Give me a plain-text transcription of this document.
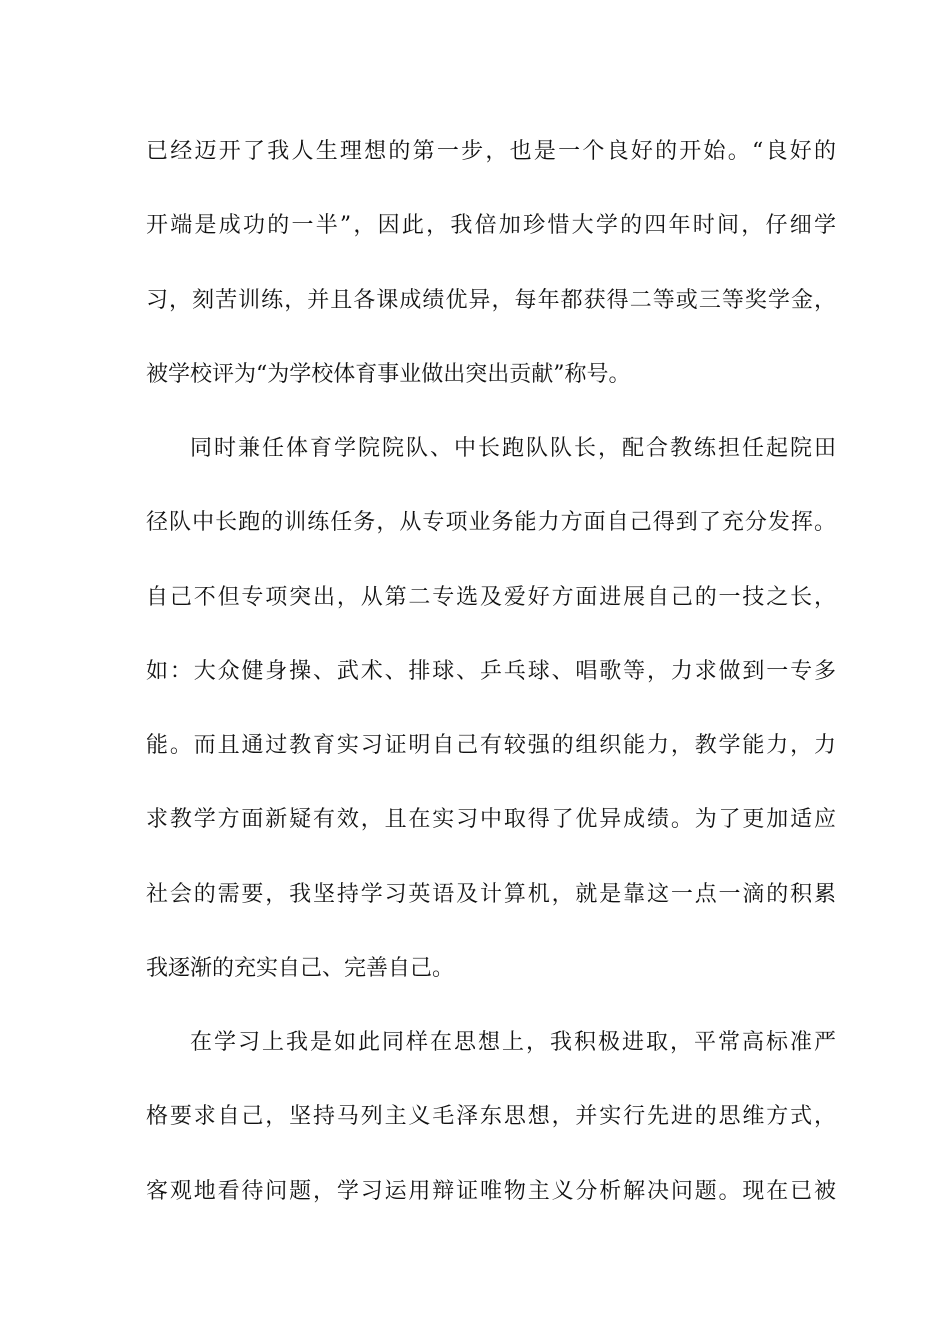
已经迈开了我人生理想的第一步，也是一个良好的开始。“良好的
开端是成功的一半”，因此，我倍加珍惜大学的四年时间，仔细学
习，刻苦训练，并且各课成绩优异，每年都获得二等或三等奖学金，
被学校评为“为学校体育事业做出突出贡献”称号。
同时兼任体育学院院队、中长跑队队长，配合教练担任起院田
径队中长跑的训练任务，从专项业务能力方面自己得到了充分发挥。
自己不但专项突出，从第二专选及爱好方面进展自己的一技之长，
如：大众健身操、武术、排球、乒乓球、唱歌等，力求做到一专多
能。而且通过教育实习证明自己有较强的组织能力，教学能力，力
求教学方面新疑有效，且在实习中取得了优异成绩。为了更加适应
社会的需要，我坚持学习英语及计算机，就是靠这一点一滴的积累
我逐渐的充实自己、完善自己。
在学习上我是如此同样在思想上，我积极进取，平常高标准严
格要求自己，坚持马列主义毛泽东思想，并实行先进的思维方式，
客观地看待问题，学习运用辩证唯物主义分析解决问题。现在已被
